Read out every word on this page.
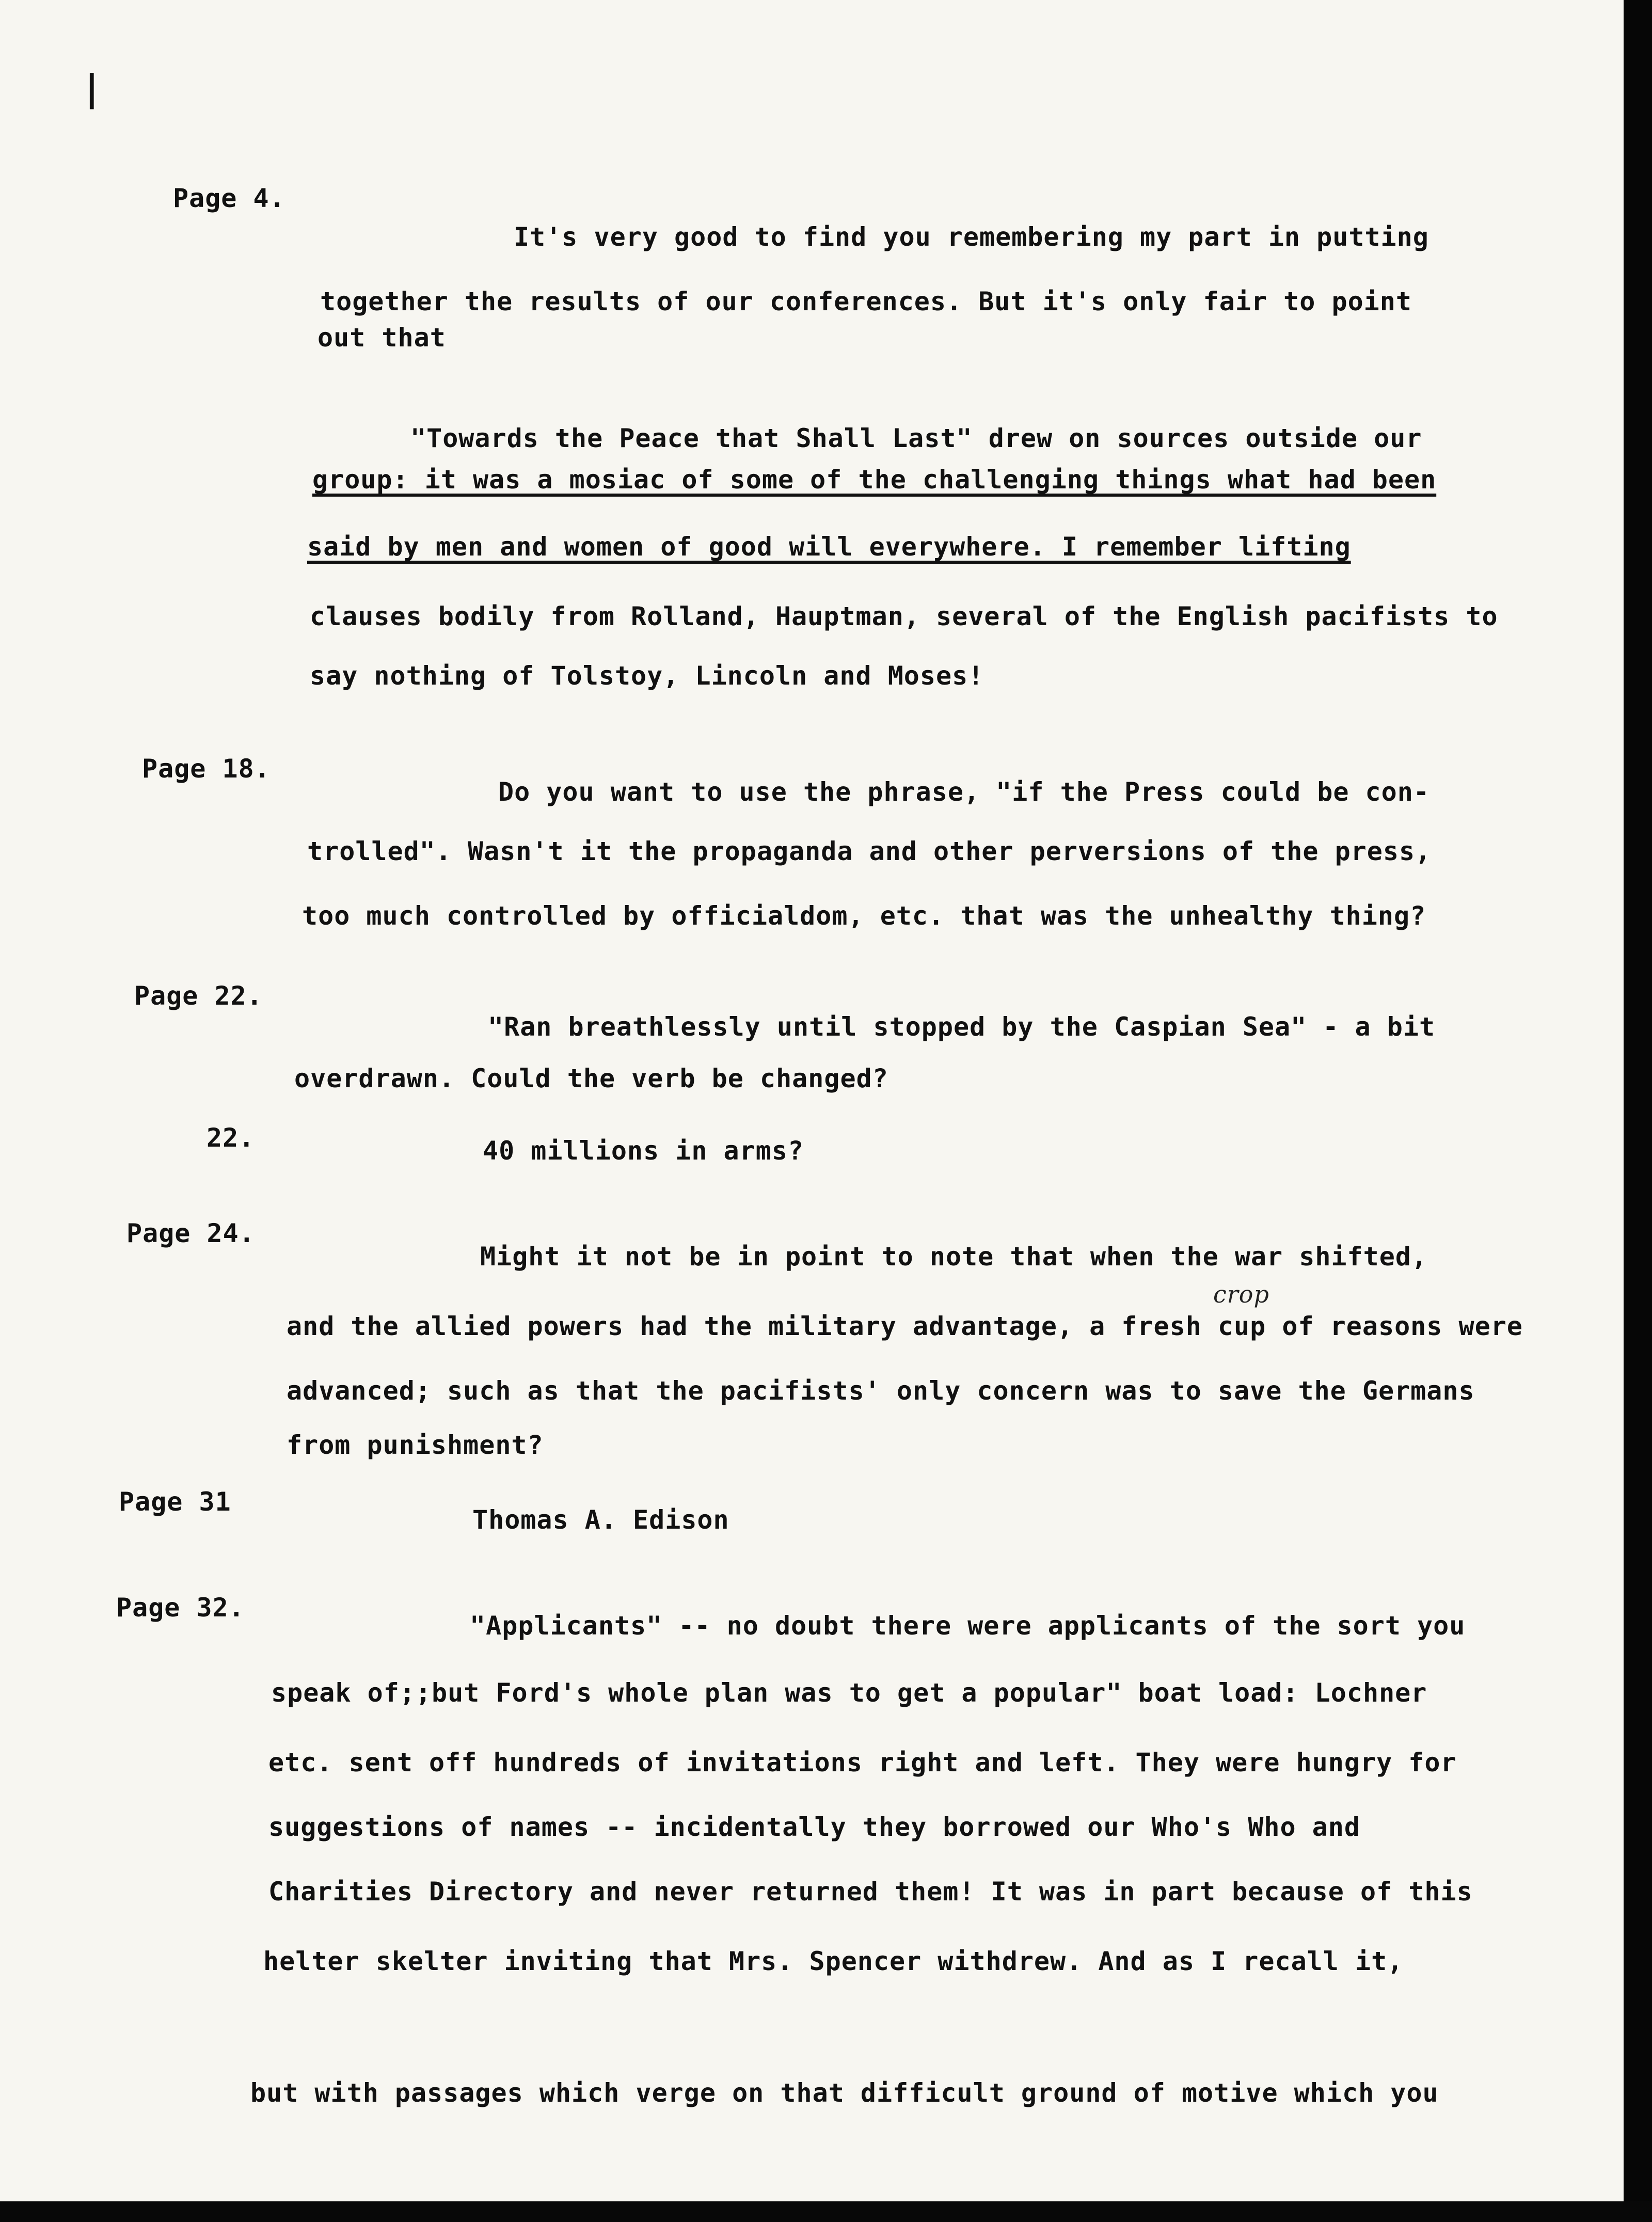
|
Page 4.
It's very good to find you remembering my part in putting
together the results of our conferences. But it's only fair to point
out that
"Towards the Peace that Shall Last" drew on sources outside our
group: it was a mosiac of some of the challenging things what had been
said by men and women of good will everywhere. I remember lifting
clauses bodily from Rolland, Hauptman, several of the English pacifists to
say nothing of Tolstoy, Lincoln and Moses!
Page 18.
Do you want to use the phrase, "if the Press could be con-
trolled". Wasn't it the propaganda and other perversions of the press,
too much controlled by officialdom, etc. that was the unhealthy thing?
Page 22.
"Ran breathlessly until stopped by the Caspian Sea" - a bit
overdrawn. Could the verb be changed?
22.	40 millions in arms?
Page 24.
Might it not be in point to note that when the war shifted,
crop
and the allied powers had the military advantage, a fresh cup of reasons were
advanced; such as that the pacifists' only concern was to save the Germans
from punishment?
Page 31
Thomas A. Edison
Page 32.
"Applicants" -- no doubt there were applicants of the sort you
speak of;;but Ford's whole plan was to get a popular" boat load: Lochner
etc. sent off hundreds of invitations right and left. They were hungry for
suggestions of names -- incidentally they borrowed our Who's Who and
Charities Directory and never returned them! It was in part because of this
helter skelter inviting that Mrs. Spencer withdrew. And as I recall it,
but with passages which verge on that difficult ground of motive which you
